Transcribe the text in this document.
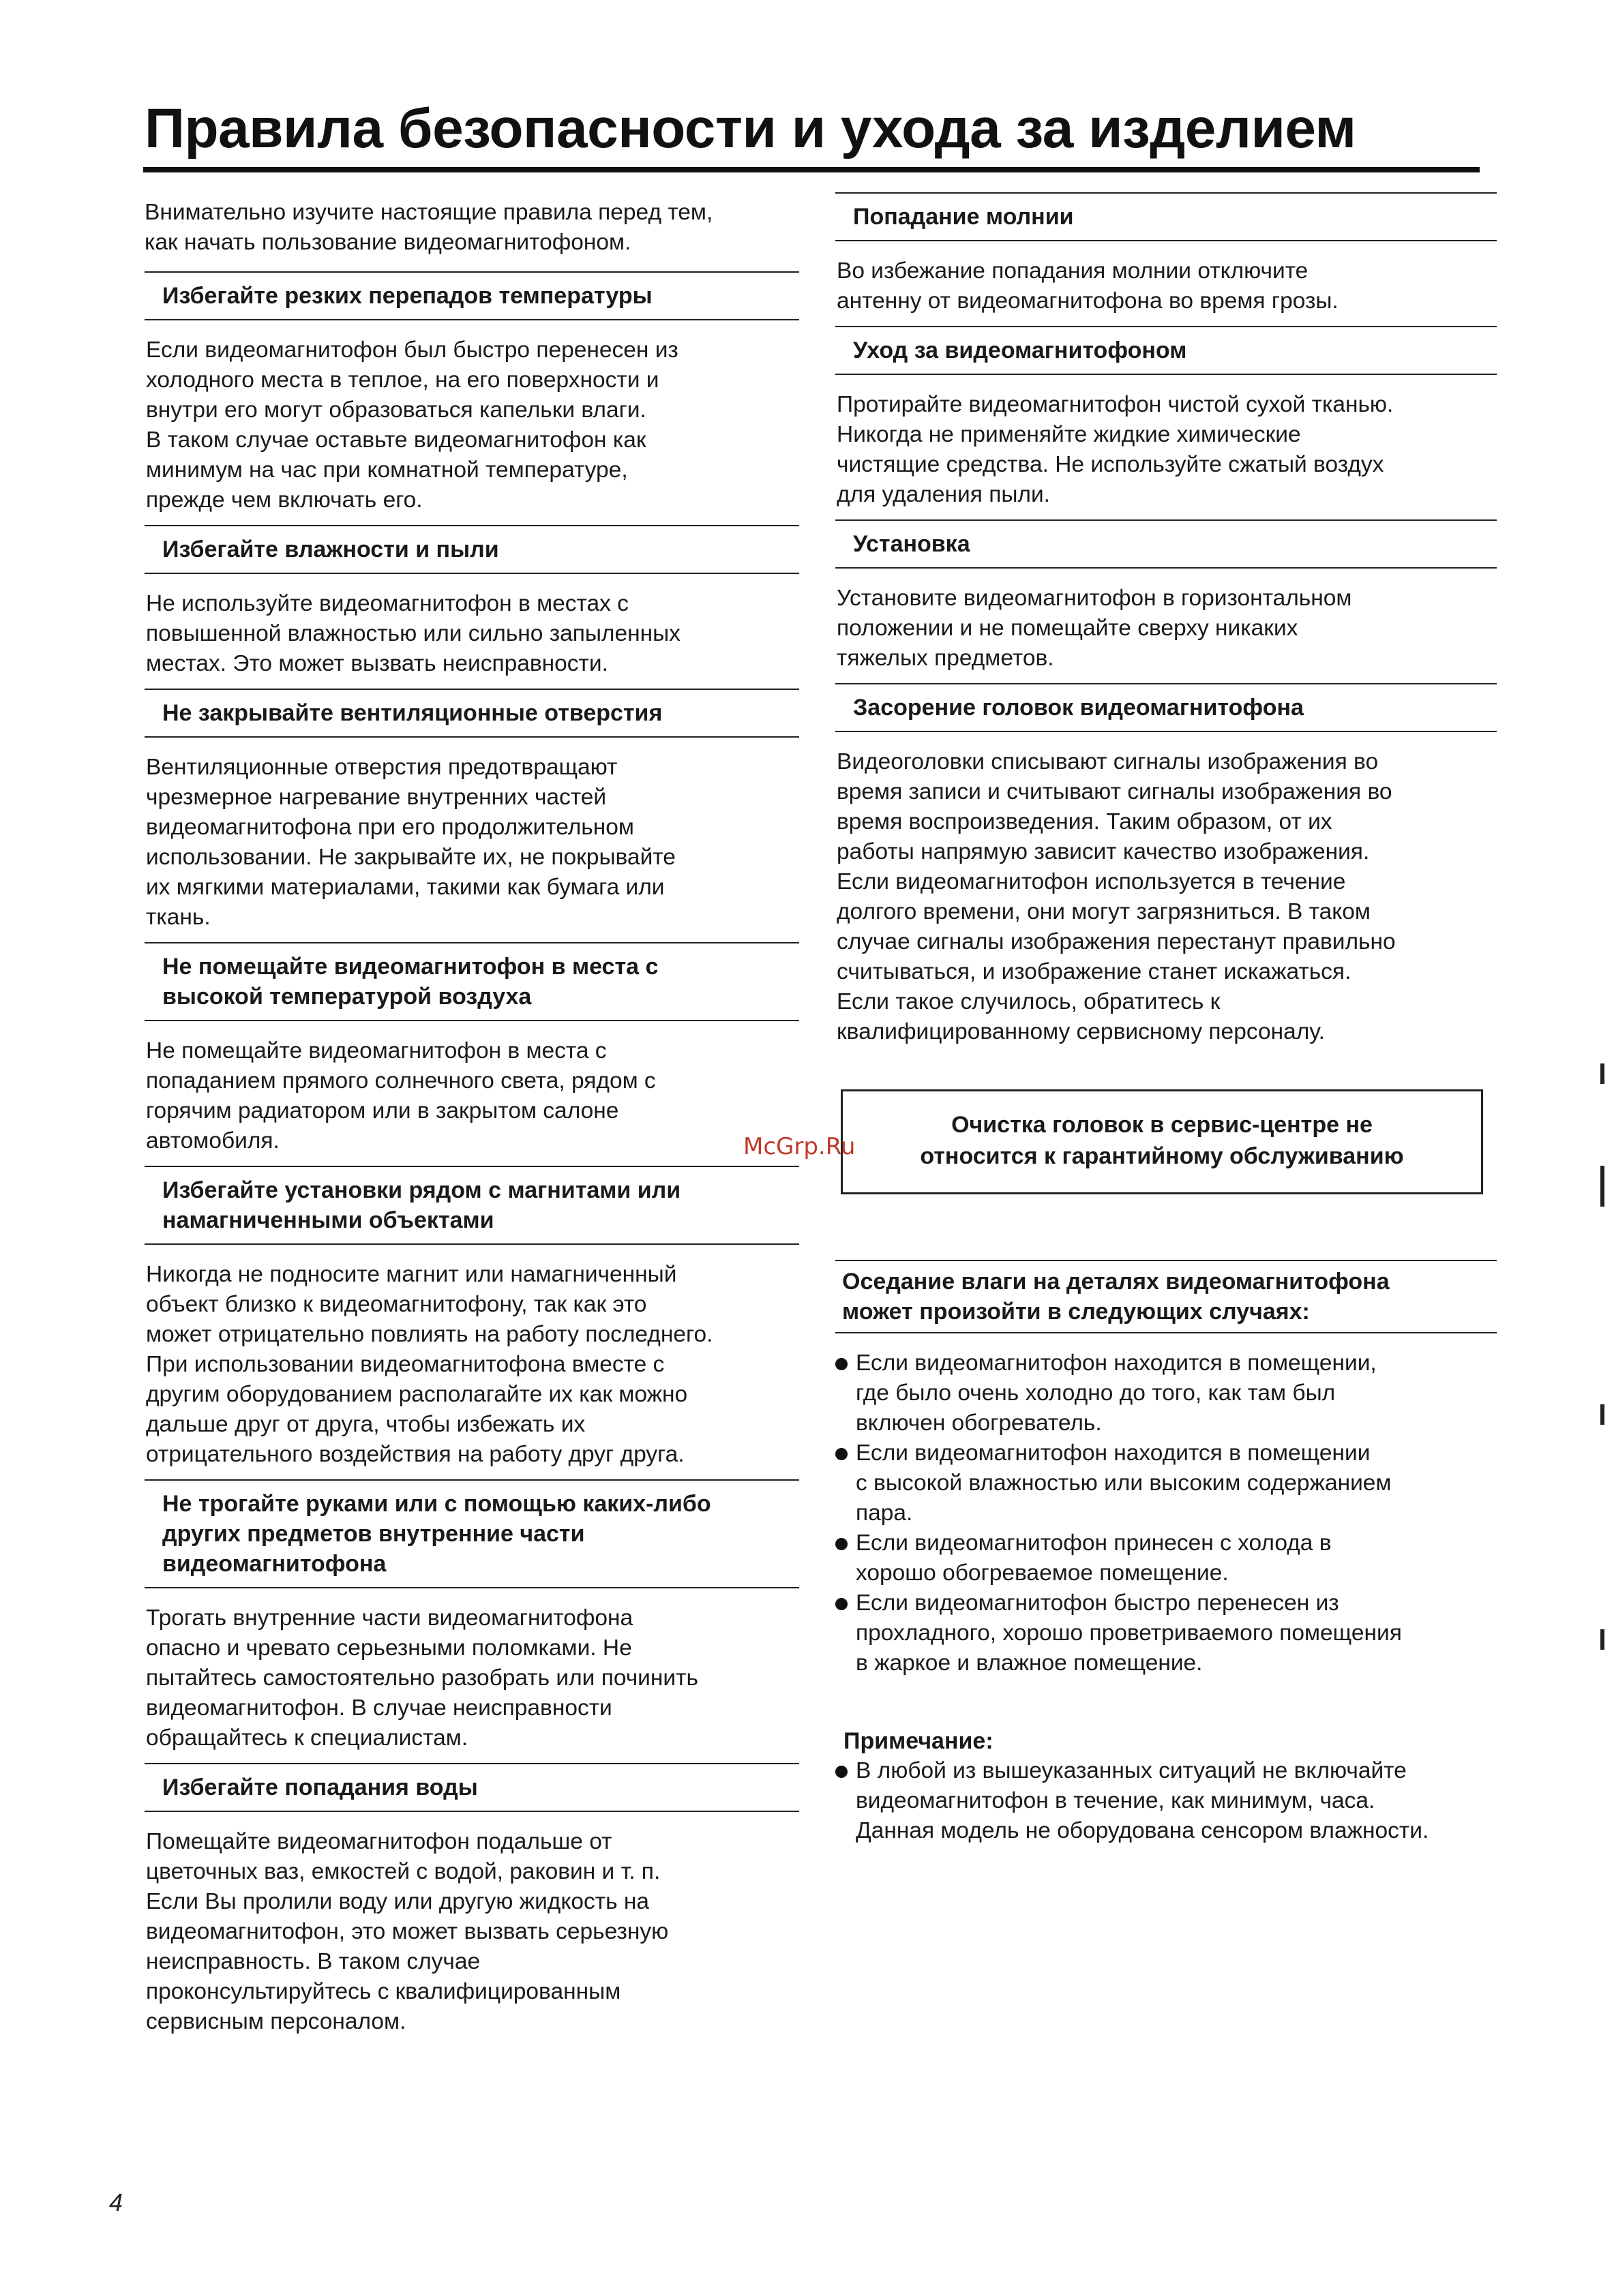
Правила безопасности и ухода за изделием

Внимательно изучите настоящие правила перед тем,
как начать пользование видеомагнитофоном.

Избегайте резких перепадов температуры

Если видеомагнитофон был быстро перенесен из
холодного места в теплое, на его поверхности и
внутри его могут образоваться капельки влаги.
В таком случае оставьте видеомагнитофон как
минимум на час при комнатной температуре,
прежде чем включать его.

Избегайте влажности и пыли

Не используйте видеомагнитофон в местах с
повышенной влажностью или сильно запыленных
местах. Это может вызвать неисправности.

Не закрывайте вентиляционные отверстия

Вентиляционные отверстия предотвращают
чрезмерное нагревание внутренних частей
видеомагнитофона при его продолжительном
использовании. Не закрывайте их, не покрывайте
их мягкими материалами, такими как бумага или
ткань.

Не помещайте видеомагнитофон в места с
высокой температурой воздуха

Не помещайте видеомагнитофон в места с
попаданием прямого солнечного света, рядом с
горячим радиатором или в закрытом салоне
автомобиля.

Избегайте установки рядом с магнитами или
намагниченными объектами

Никогда не подносите магнит или намагниченный
объект близко к видеомагнитофону, так как это
может отрицательно повлиять на работу последнего.
При использовании видеомагнитофона вместе с
другим оборудованием располагайте их как можно
дальше друг от друга, чтобы избежать их
отрицательного воздействия на работу друг друга.

Не трогайте руками или с помощью каких-либо
других предметов внутренние части
видеомагнитофона

Трогать внутренние части видеомагнитофона
опасно и чревато серьезными поломками. Не
пытайтесь самостоятельно разобрать или починить
видеомагнитофон. В случае неисправности
обращайтесь к специалистам.

Избегайте попадания воды

Помещайте видеомагнитофон подальше от
цветочных ваз, емкостей с водой, раковин и т. п.
Если Вы пролили воду или другую жидкость на
видеомагнитофон, это может вызвать серьезную
неисправность. В таком случае
проконсультируйтесь с квалифицированным
сервисным персоналом.

Попадание молнии

Во избежание попадания молнии отключите
антенну от видеомагнитофона во время грозы.

Уход за видеомагнитофоном

Протирайте видеомагнитофон чистой сухой тканью.
Никогда не применяйте жидкие химические
чистящие средства. Не используйте сжатый воздух
для удаления пыли.

Установка

Установите видеомагнитофон в горизонтальном
положении и не помещайте сверху никаких
тяжелых предметов.

Засорение головок видеомагнитофона

Видеоголовки списывают сигналы изображения во
время записи и считывают сигналы изображения во
время воспроизведения. Таким образом, от их
работы напрямую зависит качество изображения.
Если видеомагнитофон используется в течение
долгого времени, они могут загрязниться. В таком
случае сигналы изображения перестанут правильно
считываться, и изображение станет искажаться.
Если такое случилось, обратитесь к
квалифицированному сервисному персоналу.

Очистка головок в сервис-центре не
относится к гарантийному обслуживанию
Оседание влаги на деталях видеомагнитофона
может произойти в следующих случаях:
Если видеомагнитофон находится в помещении,
где было очень холодно до того, как там был
включен обогреватель.
Если видеомагнитофон находится в помещении
с высокой влажностью или высоким содержанием
пара.
Если видеомагнитофон принесен с холода в
хорошо обогреваемое помещение.
Если видеомагнитофон быстро перенесен из
прохладного, хорошо проветриваемого помещения
в жаркое и влажное помещение.
Примечание:
В любой из вышеуказанных ситуаций не включайте
видеомагнитофон в течение, как минимум, часа.
Данная модель не оборудована сенсором влажности.
McGrp.Ru
4
